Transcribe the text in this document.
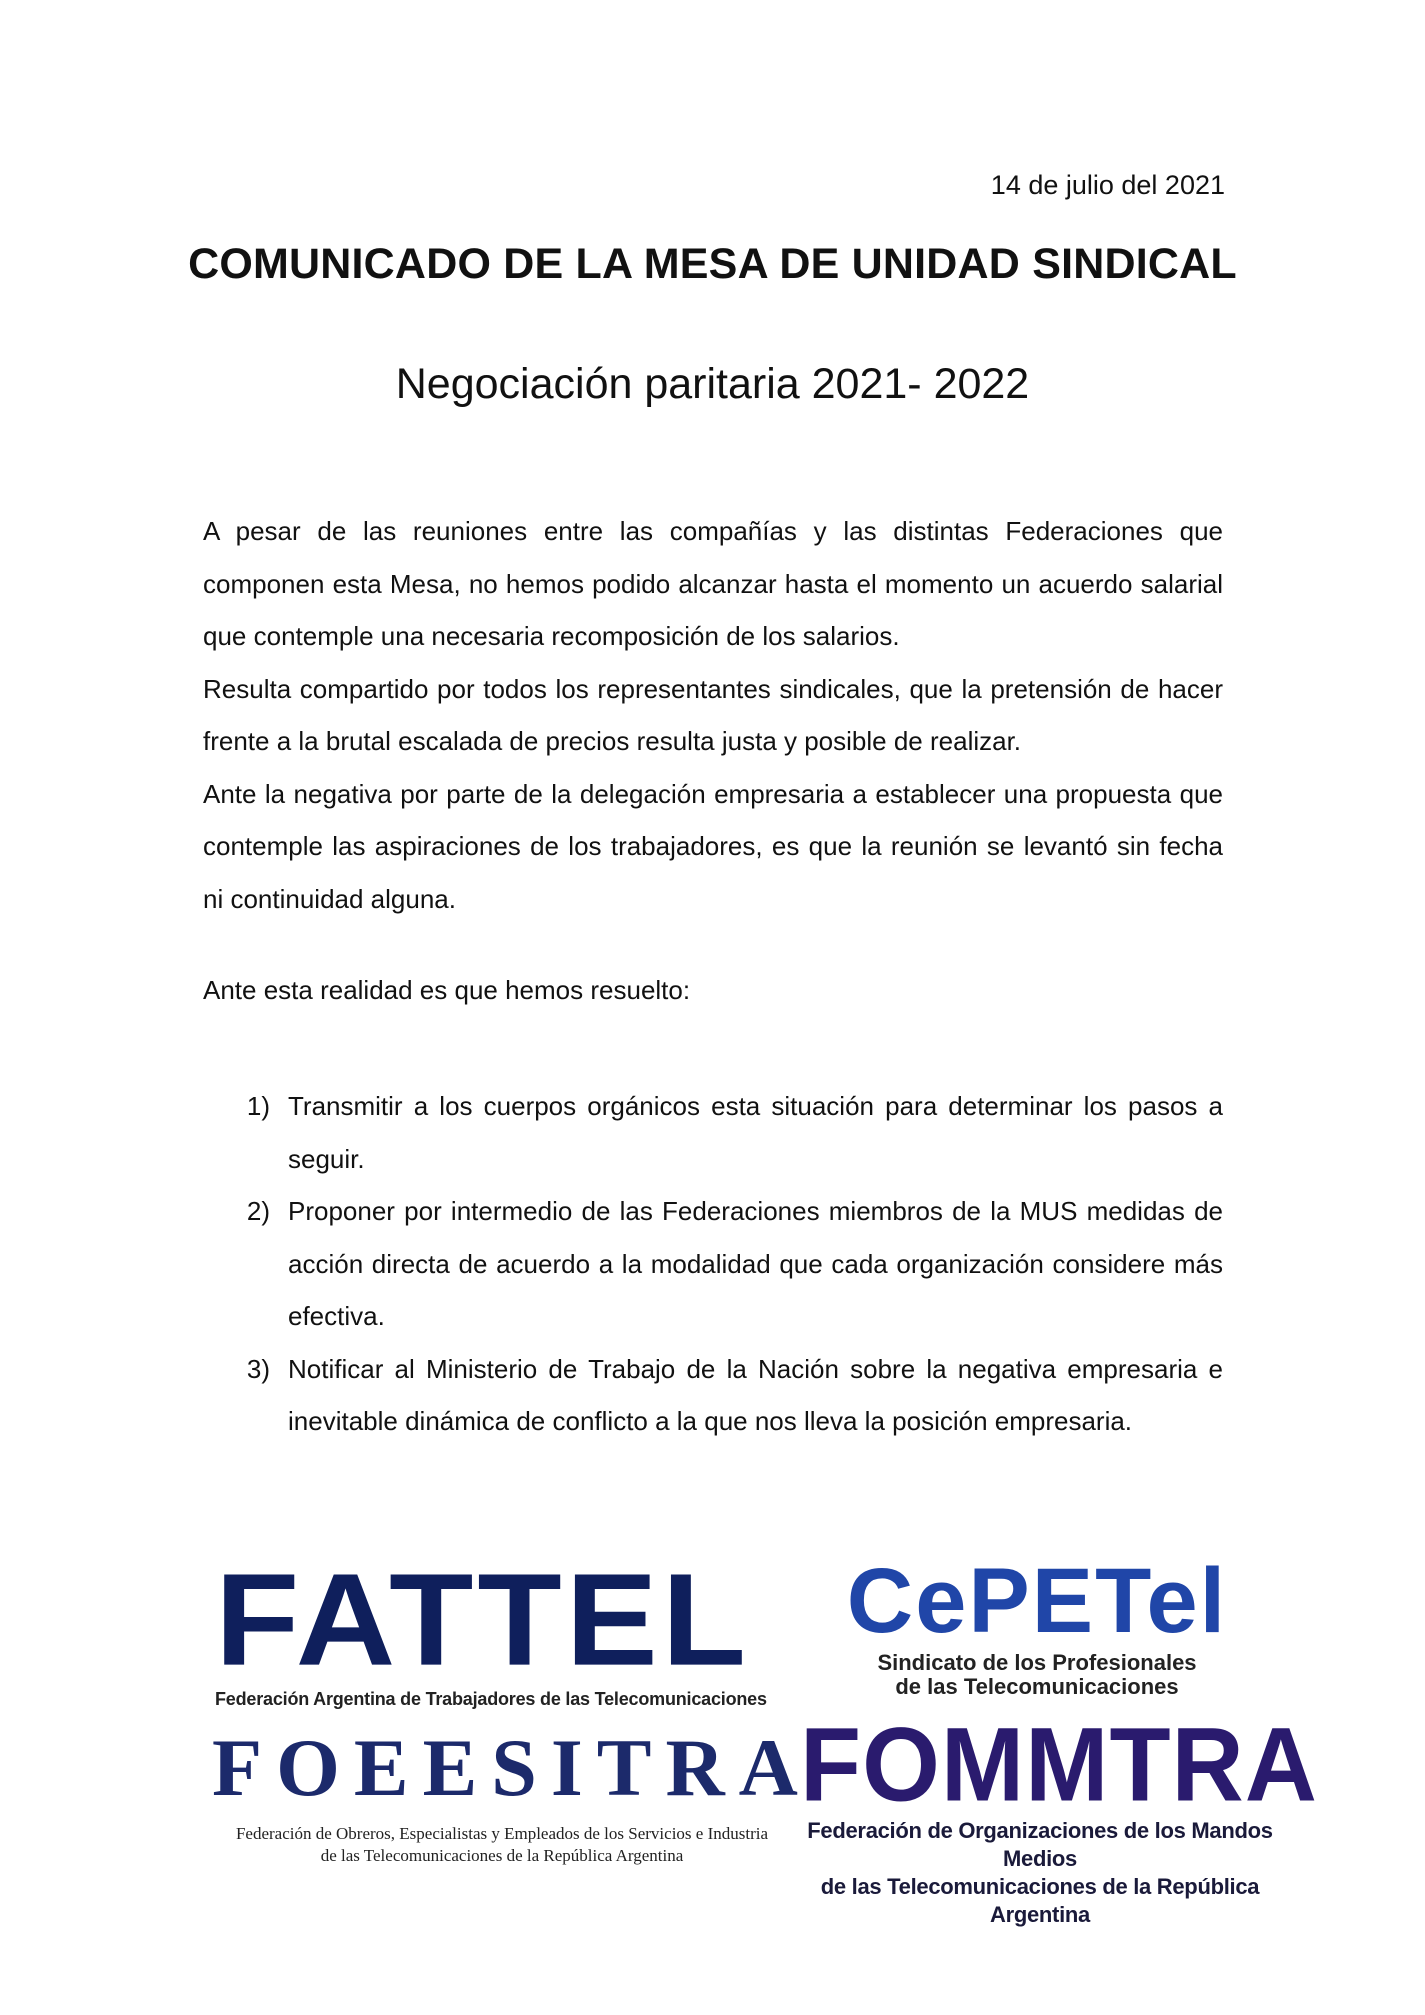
14 de julio del 2021
COMUNICADO DE LA MESA DE UNIDAD SINDICAL
Negociación paritaria 2021- 2022

A pesar de las reuniones entre las compañías y las distintas Federaciones que componen esta Mesa, no hemos podido alcanzar hasta el momento un acuerdo salarial que contemple una necesaria recomposición de los salarios.

Resulta compartido por todos los representantes sindicales, que la pretensión de hacer frente a la brutal escalada de precios resulta justa y posible de realizar.

Ante la negativa por parte de la delegación empresaria a establecer una propuesta que contemple las aspiraciones de los trabajadores, es que la reunión se levantó sin fecha ni continuidad alguna.

Ante esta realidad es que hemos resuelto:
1) Transmitir a los cuerpos orgánicos esta situación para determinar los pasos a seguir.
2) Proponer por intermedio de las Federaciones miembros de la MUS medidas de acción directa de acuerdo a la modalidad que cada organización considere más efectiva.
3) Notificar al Ministerio de Trabajo de la Nación sobre la negativa empresaria e inevitable dinámica de conflicto a la que nos lleva la posición empresaria.
FATTEL
Federación Argentina de Trabajadores de las Telecomunicaciones
FOEESITRA
Federación de Obreros, Especialistas y Empleados de los Servicios e Industria
de las Telecomunicaciones de la República Argentina
CePETel
Sindicato de los Profesionales
de las Telecomunicaciones
FOMMTRA
Federación de Organizaciones de los Mandos Medios
de las Telecomunicaciones de la República Argentina
